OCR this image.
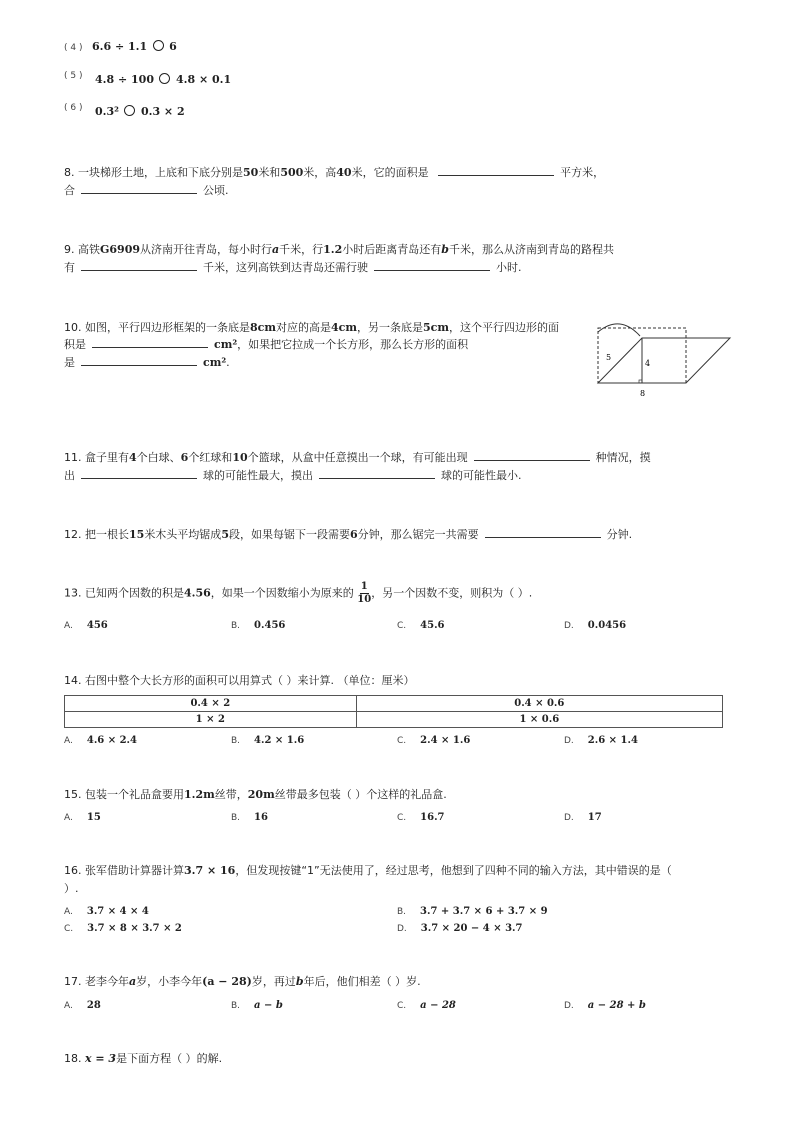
( 4 ) 6.6 ÷ 1.1 6
( 5 ) 4.8 ÷ 100 4.8 × 0.1
( 6 ) 0.3² 0.3 × 2
8. 一块梯形土地，上底和下底分别是50米和500米，高40米，它的面积是	平方米，
合	公顷.
9. 高铁G6909从济南开往青岛，每小时行a千米，行1.2小时后距离青岛还有b千米，那么从济南到青岛的路程共
有	千米，这列高铁到达青岛还需行驶	小时.
10. 如图，平行四边形框架的一条底是8cm对应的高是4cm，另一条底是5cm，这个平行四边形的面
积是	cm²，如果把它拉成一个长方形，那么长方形的面积
是	cm².	5
4
8
11. 盒子里有4个白球、6个红球和10个篮球，从盒中任意摸出一个球，有可能出现	种情况，摸
出	球的可能性最大，摸出	球的可能性最小.
12. 把一根长15米木头平均锯成5段，如果每锯下一段需要6分钟，那么锯完一共需要	分钟.
13. 已知两个因数的积是4.56，如果一个因数缩小为原来的 $\frac{1}{10}$ ，另一个因数不变，则积为（ ）.
A. 456	B. 0.456	C. 45.6	D. 0.0456
14. 右图中整个大长方形的面积可以用算式（ ）来计算. （单位：厘米）
0.4 × 2	0.4 × 0.6
1 × 2	1 × 0.6
A. 4.6 × 2.4	B. 4.2 × 1.6	C. 2.4 × 1.6	D. 2.6 × 1.4
15. 包装一个礼品盒要用1.2m丝带，20m丝带最多包装（ ）个这样的礼品盒.
A. 15	B. 16	C. 16.7	D. 17
16. 张军借助计算器计算3.7 × 16，但发现按键“1”无法使用了，经过思考，他想到了四种不同的输入方法，其中错误的是（
）.
A. 3.7 × 4 × 4	B. 3.7 + 3.7 × 6 + 3.7 × 9
C. 3.7 × 8 × 3.7 × 2	D. 3.7 × 20 − 4 × 3.7
17. 老李今年a岁，小李今年(a − 28)岁，再过b年后，他们相差（ ）岁.
A. 28	B. a − b	C. a − 28	D. a − 28 + b
18. x = 3是下面方程（ ）的解.
